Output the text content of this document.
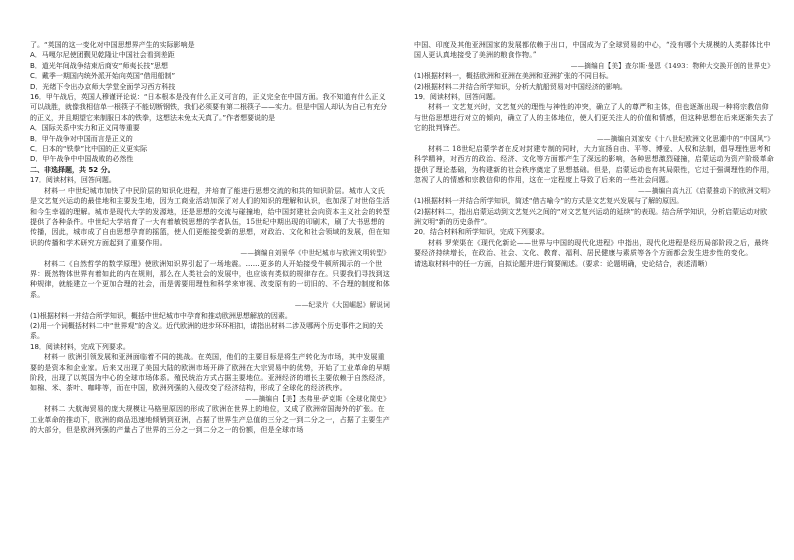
了。“英国的这一变化对中国思想界产生的实际影响是

A．马嘎尔尼使团觐见乾隆让中国社会看到差距

B．道光年间战争结束后商安“师夷长技”思想

C．戴季一期国内统外派开始向英国“借用船制”

D．光绪下令出办京师大学堂全面学习西方科技

16．甲午战后，英国人穆谨评论说：“日本根本是没有什么正义可言的，正义完全在中国方面。我不知道有什么正义可以战胜，就像我相信单一根筷子不能切断钢铁，我们必须要有第二根筷子——实力。但是中国人却认为自己有充分的正义，并且期望它来制服日本的铁拳，这想法未免太天真了。”作者想要说的是

A．国际关系中实力和正义同等重要

B．甲午战争对中国而言是正义的

C．日本的“铁拳”比中国的正义更实际

D．甲午战争中中国战败的必然性

二、非选择题，共 52 分。

17．阅读材料，回答问题。

材料一 中世纪城市加快了中民阶层的知识化进程，并培育了能进行思想交流的和共的知识阶层。城市人文氏是文艺复兴运动的最佳地和主要发生地，因为工商业活动加深了对人们的知识的理解和认识，也加深了对世俗生活和今生幸福的理解。城市是现代大学的发源地，还是思想的交流与碰撞地，给中国封建社会向资本主义社会的转型提供了各种条件。中世纪大学培育了一大有着敏锐思想的学者队伍，15世纪中期出现的印刷术，刷了大书思想的传播，因此，城市成了自由思想孕育的摇篮，使人们更能接受新的思想，对政治、文化和社会领域的发展，但在知识的传播和学术研究方面起到了重要作用。

——摘编自刘景华《中世纪城市与欧洲文明转型》

材料二《自然哲学的数学原理》使欧洲知识界引起了一场地震。……更多的人开始接受牛顿所揭示的一个世界：既然物体世界有着如此的内在规则，那么在人类社会的发展中，也应该有类似的规律存在。只要我们寻找到这种规律，就能建立一个更加合理的社会，而是需要用理性和科学来审视、改变原有的一切旧的、不合理的制度和体系。

——纪录片《大国崛起》解说词

(1)根据材料一并结合所学知识，概括中世纪城市中孕育和推动欧洲思想解放的因素。

(2)用一个词概括材料二中“世界观”的含义。近代欧洲的进步环环相扣，请指出材料二涉及哪两个历史事件之间的关系。

18．阅读材料，完成下列要求。

材料一 欧洲引领发展和亚洲面临着不同的挑战。在英国，他们的主要目标是将生产转化为市场，其中发展重要的是资本和企业家。后来又出现了美国大陆的欧洲市场开辟了欧洲在大宗贸易中的优势，开始了工业革命的早期阶段，出现了以英国为中心的全球市场体系。殖民统治方式占据主要地位。亚洲经济的增长主要依赖于自然经济，如棉、米、茶叶、咖啡等，而在中国，欧洲列强的入侵改变了经济结构，形成了全球化的经济秩序。

——摘编自【美】杰弗里·萨克斯《全球化简史》

材料二 大航海贸易的庞大规模让马格里原因的形成了欧洲在世界上的地位，又成了欧洲帝国海外的扩张。在工业革命的推动下，欧洲的商品迅速地倾销到亚洲，占据了世界生产总值的三分之一到二分之一，占据了主要生产的大部分，但是欧洲列强的产量占了世界的三分之一到二分之一的份额，但是全球市场

中国、印度及其他亚洲国家的发展都依赖于出口，中国成为了全球贸易的中心，“没有哪个大规模的人类群体比中国人更认真地接受了美洲的粮食作物。”

——摘编自【美】查尔斯·曼恩《1493：物种大交换开创的世界史》

(1)根据材料一，概括欧洲和亚洲在美洲和亚洲扩张的不同目标。

(2)根据材料二并结合所学知识，分析大航船贸易对中国经济的影响。

19．阅读材料，回答问题。

材料一 文艺复兴时，文艺复兴的理性与神性的冲突，确立了人的尊严和主体，但也逐渐出现一种将宗教信仰与世俗思想进行对立的倾向，确立了人的主体地位，使人们更关注人的价值和情感，但这种思想在后来逐渐失去了它的批判锋芒。

——摘编自刘家安《十八世纪欧洲文化思潮中的“中国风”》

材料二 18世纪启蒙学者在反对封建专制的同时，大力宣扬自由、平等、博爱、人权和法制，倡导理性思考和科学精神，对西方的政治、经济、文化等方面都产生了深远的影响，各种思想激烈碰撞，启蒙运动为资产阶级革命提供了理论基础，为构建新的社会秩序奠定了思想基础。但是，启蒙运动也有其局限性，它过于强调理性的作用，忽视了人的情感和宗教信仰的作用，这在一定程度上导致了后来的一些社会问题。

——摘编自高九江《启蒙推动下的欧洲文明》

(1)根据材料一并结合所学知识，简述“借古喻今”的方式是文艺复兴发展与了解的原因。

(2)据材料二，指出启蒙运动到文艺复兴之间的“对文艺复兴运动的延续”的表现。结合所学知识，分析启蒙运动对欧洲文明“新的历史条件”。

20．结合材料和所学知识，完成下列要求。

材料 罗荣渠在《现代化新论——世界与中国的现代化进程》中指出，现代化进程是经历局部阶段之后，最终要经济持续增长，在政治、社会、文化、教育、福利、居民健康与素质等各个方面都会发生进步性的变化。

请选取材料中的任一方面，自拟论题并进行简要阐述。（要求：论题明确，史论结合，表述清晰）
